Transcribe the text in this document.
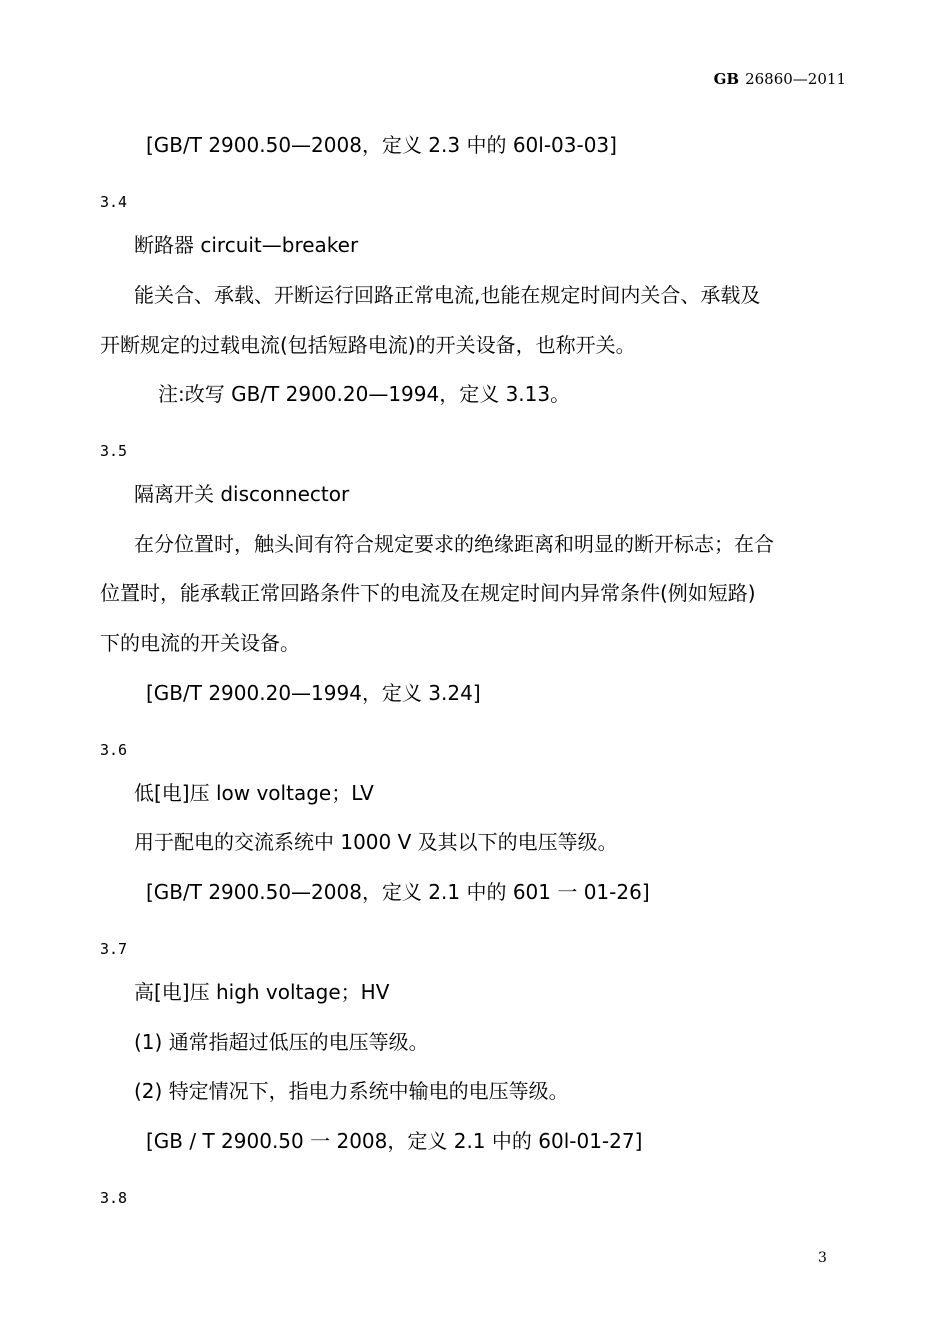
GB 26860—2011
[GB/T 2900.50—2008，定义 2.3 中的 60l-03-03]
3.4
断路器 circuit—breaker
能关合、承载、开断运行回路正常电流,也能在规定时间内关合、承载及
开断规定的过载电流(包括短路电流)的开关设备，也称开关。
注:改写 GB/T 2900.20—1994，定义 3.13。
3.5
隔离开关 disconnector
在分位置时，触头间有符合规定要求的绝缘距离和明显的断开标志；在合
位置时，能承载正常回路条件下的电流及在规定时间内异常条件(例如短路)
下的电流的开关设备。
[GB/T 2900.20—1994，定义 3.24]
3.6
低[电]压 low voltage；LV
用于配电的交流系统中 1000 V 及其以下的电压等级。
[GB/T 2900.50—2008，定义 2.1 中的 601 一 01-26]
3.7
高[电]压 high voltage；HV
(1) 通常指超过低压的电压等级。
(2) 特定情况下，指电力系统中输电的电压等级。
[GB / T 2900.50 一 2008，定义 2.1 中的 60l-01-27]
3.8
3
